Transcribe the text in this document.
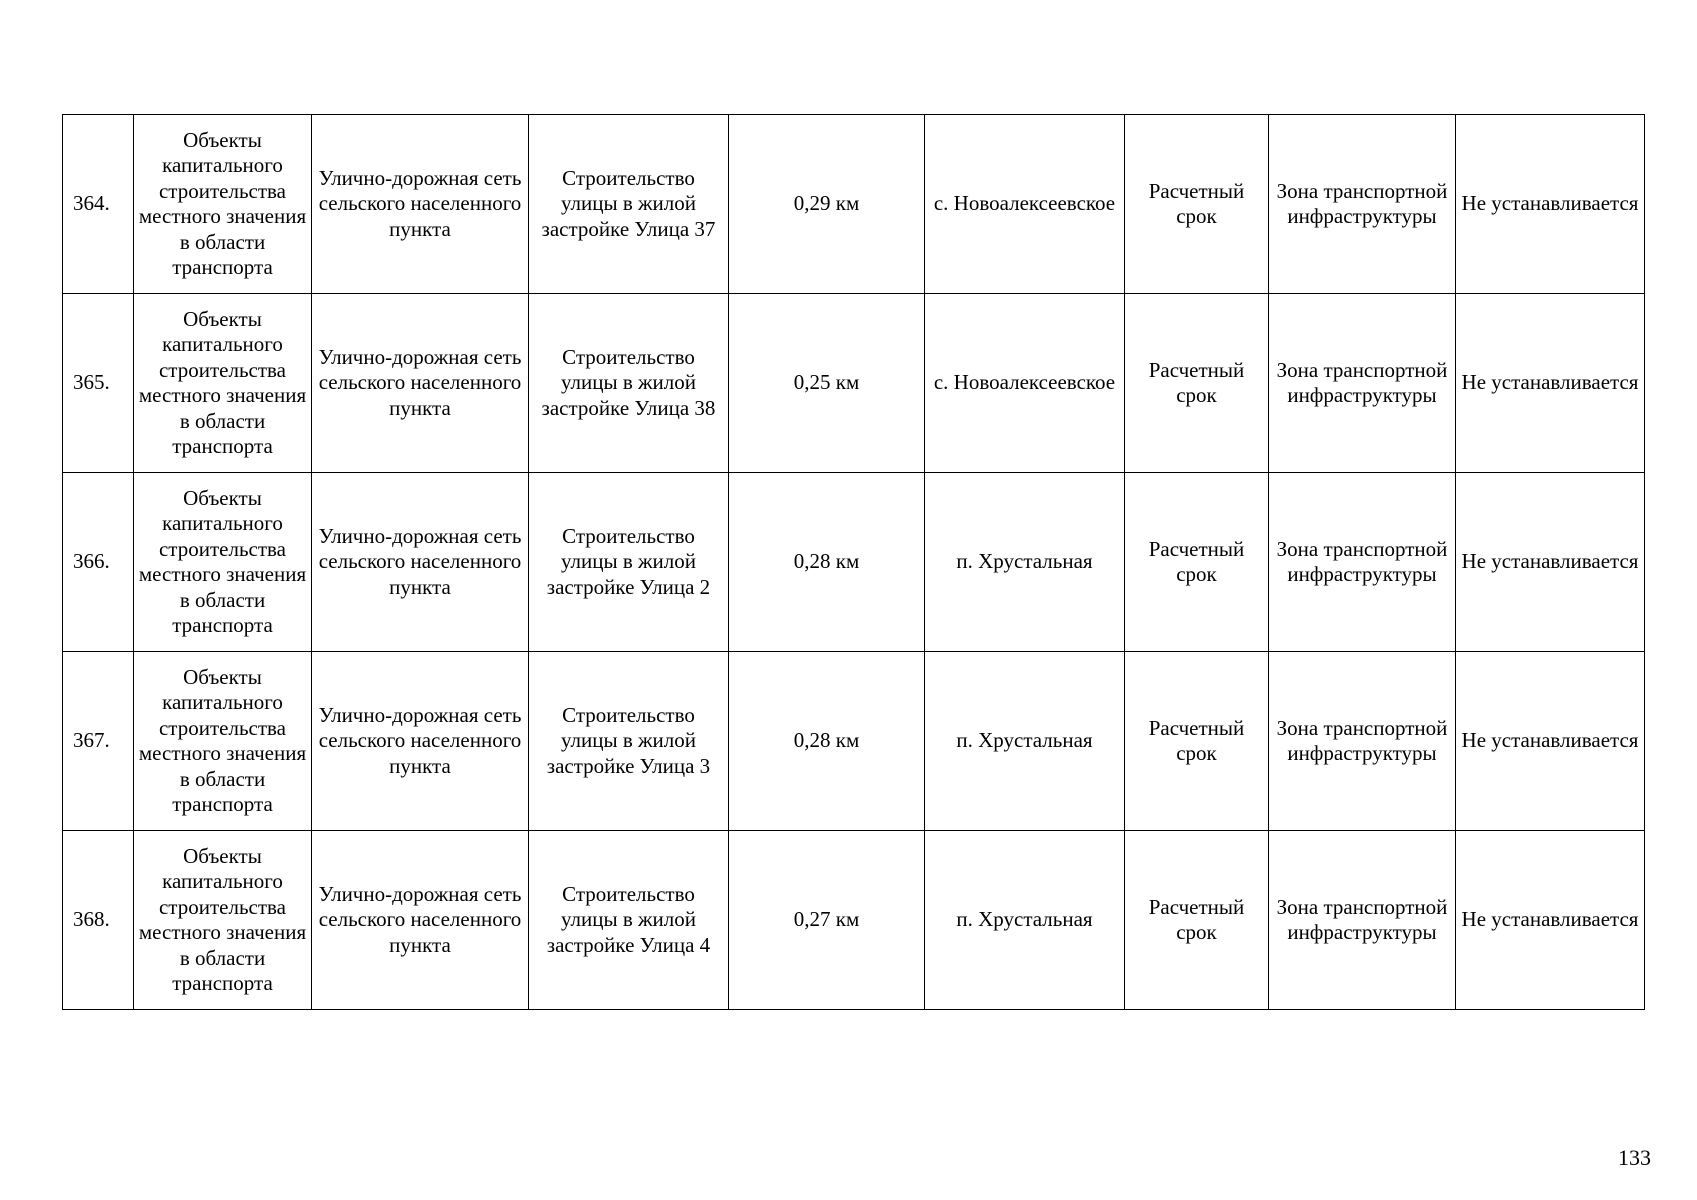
364.	Объекты капитального строительства местного значения в области транспорта	Улично-дорожная сеть сельского населенного пункта	Строительство улицы в жилой застройке Улица 37	0,29 км	с. Новоалексеевское	Расчетный срок	Зона транспортной инфраструктуры	Не устанавливается
365.	Объекты капитального строительства местного значения в области транспорта	Улично-дорожная сеть сельского населенного пункта	Строительство улицы в жилой застройке Улица 38	0,25 км	с. Новоалексеевское	Расчетный срок	Зона транспортной инфраструктуры	Не устанавливается
366.	Объекты капитального строительства местного значения в области транспорта	Улично-дорожная сеть сельского населенного пункта	Строительство улицы в жилой застройке Улица 2	0,28 км	п. Хрустальная	Расчетный срок	Зона транспортной инфраструктуры	Не устанавливается
367.	Объекты капитального строительства местного значения в области транспорта	Улично-дорожная сеть сельского населенного пункта	Строительство улицы в жилой застройке Улица 3	0,28 км	п. Хрустальная	Расчетный срок	Зона транспортной инфраструктуры	Не устанавливается
368.	Объекты капитального строительства местного значения в области транспорта	Улично-дорожная сеть сельского населенного пункта	Строительство улицы в жилой застройке Улица 4	0,27 км	п. Хрустальная	Расчетный срок	Зона транспортной инфраструктуры	Не устанавливается
133
